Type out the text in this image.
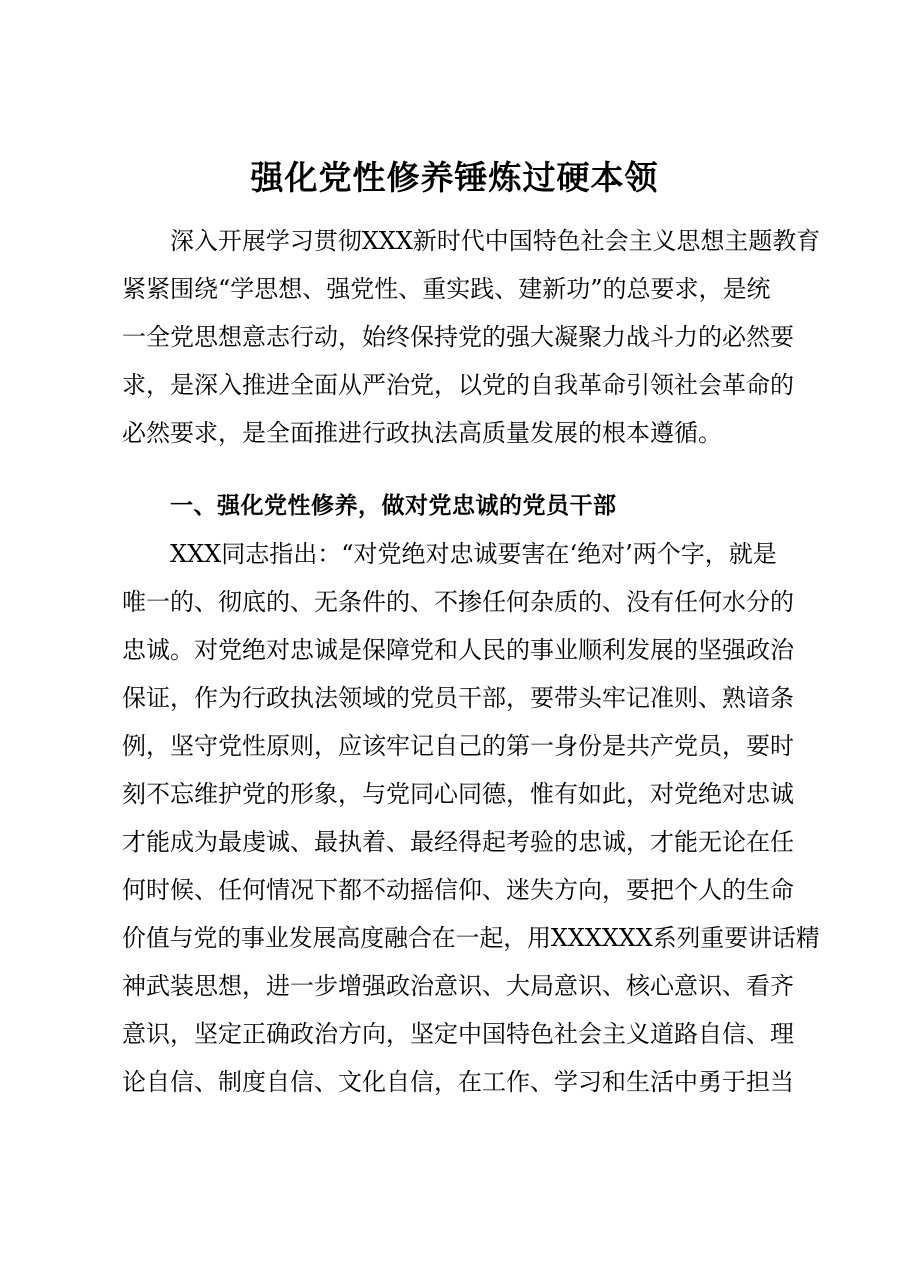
强化党性修养锤炼过硬本领
深入开展学习贯彻XXX新时代中国特色社会主义思想主题教育
紧紧围绕“学思想、强党性、重实践、建新功”的总要求，是统
一全党思想意志行动，始终保持党的强大凝聚力战斗力的必然要
求，是深入推进全面从严治党，以党的自我革命引领社会革命的
必然要求，是全面推进行政执法高质量发展的根本遵循。
一、强化党性修养，做对党忠诚的党员干部
XXX同志指出：“对党绝对忠诚要害在‘绝对’两个字，就是
唯一的、彻底的、无条件的、不掺任何杂质的、没有任何水分的
忠诚。对党绝对忠诚是保障党和人民的事业顺利发展的坚强政治
保证，作为行政执法领域的党员干部，要带头牢记准则、熟谙条
例，坚守党性原则，应该牢记自己的第一身份是共产党员，要时
刻不忘维护党的形象，与党同心同德，惟有如此，对党绝对忠诚
才能成为最虔诚、最执着、最经得起考验的忠诚，才能无论在任
何时候、任何情况下都不动摇信仰、迷失方向，要把个人的生命
价值与党的事业发展高度融合在一起，用XXXXXX系列重要讲话精
神武装思想，进一步增强政治意识、大局意识、核心意识、看齐
意识，坚定正确政治方向，坚定中国特色社会主义道路自信、理
论自信、制度自信、文化自信，在工作、学习和生活中勇于担当
